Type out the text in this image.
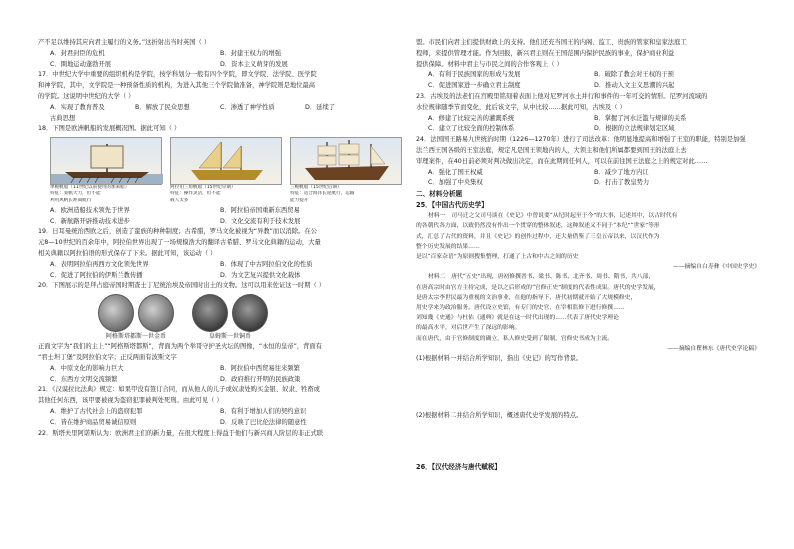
产不足以维持其应向君主履行的义务。”这折射出当时英国（ ）
A．封君封臣的危机	B．封建王权力的增强
C．圈地运动蓬勃开展	D．资本主义萌芽的发展
17．中世纪大学中重要的组织机构是学院，按学科划分一般有四个学院，即文学院、法学院、医学院
和神学院，其中，文学院是一种预备性质的机构，为进入其他三个学院做准备，神学院则是地位最高
的学院。这说明中世纪的大学（ ）
A．实现了教育普及	B．解放了民众思想	C．渗透了神学性质	D．延续了
古典思想
18．下图是欧洲帆船的发展概况图。据此可知（ ）
单桅帆船（11世纪以前使用的加莱船）
特征：桨帆大力，但不能
利用风帆长距离航行
阿拉伯三角帆船（15世纪早期）
特征：操作灵活，但不能
载人太多
三桅帆船（15世纪后期）
特征：适合海洋长途航行，运输
能力提升
A．欧洲造船技术领先于世界	B．阿拉伯帝国重新东西贸易
C．新航路开辟推动技术进步	D．文化交流有利于技术发展
19．日耳曼统治西欧之后，创造了蛮族的种种制度；古希腊，罗马文化被视为“异教”而以消除。在公
元8—10世纪的百余年中，阿拉伯世界出现了一场规模浩大的翻译古希腊、罗马文化典籍的运动，大量
相关典籍以阿拉伯语的形式保存了下来。据此可知，该运动（ ）
A．表明阿拉伯再西方文化领先世界	B．体现了中古阿拉伯文化的性质
C．促进了阿拉伯的伊斯兰教传播	D．为文艺复兴提供文化载体
20．下图展示的是拜占庭帝国时期查士丁尼统治埃及帝国时出土的文物。这可以用来佐证这一时期（ ）
阿格斯塔都斯一世金币	阜姆斯一世铜币
正面文字为“我们的主上”“阿格斯塔都斯”，背面为两个举哥守护圣火坛的图像，“永恒的皇帝”，背面有
“君士坦丁堡”及阿拉伯文字；正反两面有波斯文字
A．中原文化的影响力巨大	B．阿拉伯中西贸易往来频繁
C．东西方文明交流频繁	D．政府推行开明的民族政策
21．《汉谟拉比法典》规定：如果甲没有签订合同，而从他人的儿子或奴隶处购买金银、奴隶、牲畜或
其他任何东西，该甲要被视为盗窃犯罪被判处死刑。由此可见（ ）
A．维护了古代社会上的盗窃犯罪	B．有利于增加人们的契约意识
C．皆在维护商品贸易诚信原则	D．反映了巴比伦法律的随意性
22．斯塔夫里阿诺斯认为：欧洲君主们的新力量，在很大程度上得益于他们与新兴商人阶层的非正式联
盟。市民们向君主们提供财政上的支持。他们还充当国王的内阁、监工、贵族的管家和皇家法庭工
程师，来提供管理才能。作为回报，新兴君主则在王国范围内保护民族的事业，保护商业利益
提供保障。材料中君主与市民之间的合作客观上（ ）
A．有利于民族国家的形成与发展	B．破除了教会对王权的干预
C．促进国家进一步确立君主制度	D．推动人文主义思潮的兴起
23．古埃及的法老们在宫殿里铭刻着表面上他对尼罗河水土并行和事件的一年可交的情形。尼罗河流域的
水位规律随季节而变化，此后该文字，从中比较……据此可知，古埃及（ ）
A．修建了比较完善的灌溉系统	B．掌握了河水泛滥与规律的关系
C．建立了比较全面的控制体系	D．根据的立法规律划定区域
24．法国国王路易九世统治时期（1226—1270年）进行了司法改革：他明显地提高和增强了王室的职能，特别是加强
法兰西王国各级的王室法庭，规定凡是国王领地内的人，大领主和他们所属都要到国王的法庭上去
审理案件，在40日前必须对判决做出决定，而在此期间任何人，可以在前往国王法庭之上的规定对此……
A．强化了国王权威	B．减少了地方内讧
C．加强了中央集权	D．打击了教皇势力
二、材料分析题
25．【中国古代历史学】
材料一　司马迁之父司马谈在《史记》中曾说要“从纪时起至于今”的大事，记述其中，以古时代有
的各朝代各方面，以致仍然没有作出一个贯穿的整体叙述，这种叙述又不同于“本纪”“世家”等形
式，汇总了古代的资料，并且《史记》的创作过程中，还大量借鉴了三皇五帝以来，以汉代作为
整个历史发展的结果……
是以“百家杂语”为原则搜集整理，打通了上古和中古之间的历史
——摘编自白寿彝《中国史学史》
材料二　唐代“五史”出现，唐初修撰晋书、梁书、陈书、北齐书、周书、隋书，共八部，
在唐高宗时由官方主持完成，是以之后形成的“官修正史”制度的代表性成果。唐代的史学发展，
是唐太宗李世民最为重视的文治事业，在他的指导下，唐代初期就开始了大规模修史，
用史学来为政治服务。唐代设立史馆，有专门的史官，在宰相监修下进行修撰……
刘知幾《史通》与杜佑《通典》就是在这一时代出现的……代表了唐代史学理论
的最高水平，对后世产生了深远的影响。
而在唐代，由于官修制度的确立，私人修史受到了限制，官修史书成为主流。
——摘编自瞿林东《唐代史学论稿》
(1)根据材料一并结合所学知识，指出《史记》的写作背景。
(2)根据材料二并结合所学知识，概述唐代史学发展的特点。
26．【汉代经济与唐代赋税】
